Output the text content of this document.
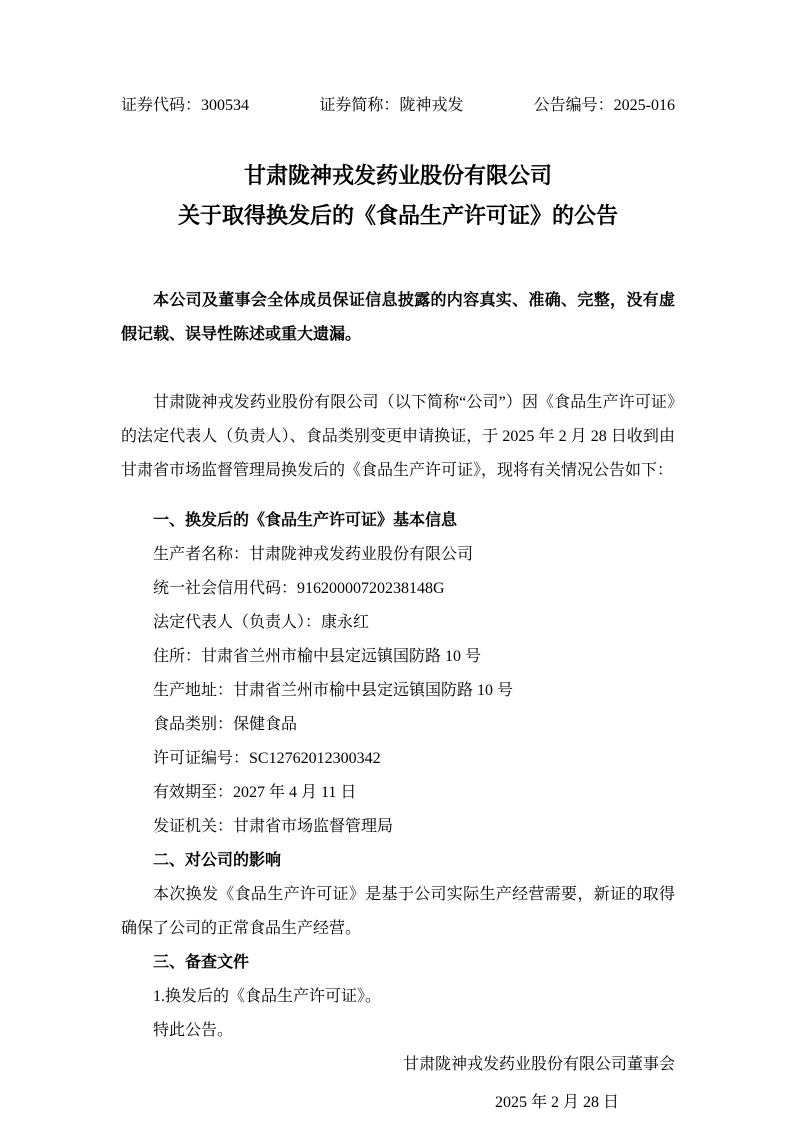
证券代码：300534	证券简称：陇神戎发	公告编号：2025-016
甘肃陇神戎发药业股份有限公司
关于取得换发后的《食品生产许可证》的公告

本公司及董事会全体成员保证信息披露的内容真实、准确、完整，没有虚假记载、误导性陈述或重大遗漏。

甘肃陇神戎发药业股份有限公司（以下简称“公司”）因《食品生产许可证》的法定代表人（负责人）、食品类别变更申请换证，于 2025 年 2 月 28 日收到由甘肃省市场监督管理局换发后的《食品生产许可证》，现将有关情况公告如下：

一、换发后的《食品生产许可证》基本信息
生产者名称：甘肃陇神戎发药业股份有限公司
统一社会信用代码：91620000720238148G
法定代表人（负责人）：康永红
住所：甘肃省兰州市榆中县定远镇国防路 10 号
生产地址：甘肃省兰州市榆中县定远镇国防路 10 号
食品类别：保健食品
许可证编号：SC12762012300342
有效期至：2027 年 4 月 11 日
发证机关：甘肃省市场监督管理局
二、对公司的影响

本次换发《食品生产许可证》是基于公司实际生产经营需要，新证的取得确保了公司的正常食品生产经营。

三、备查文件
1.换发后的《食品生产许可证》。
特此公告。
甘肃陇神戎发药业股份有限公司董事会
2025 年 2 月 28 日
